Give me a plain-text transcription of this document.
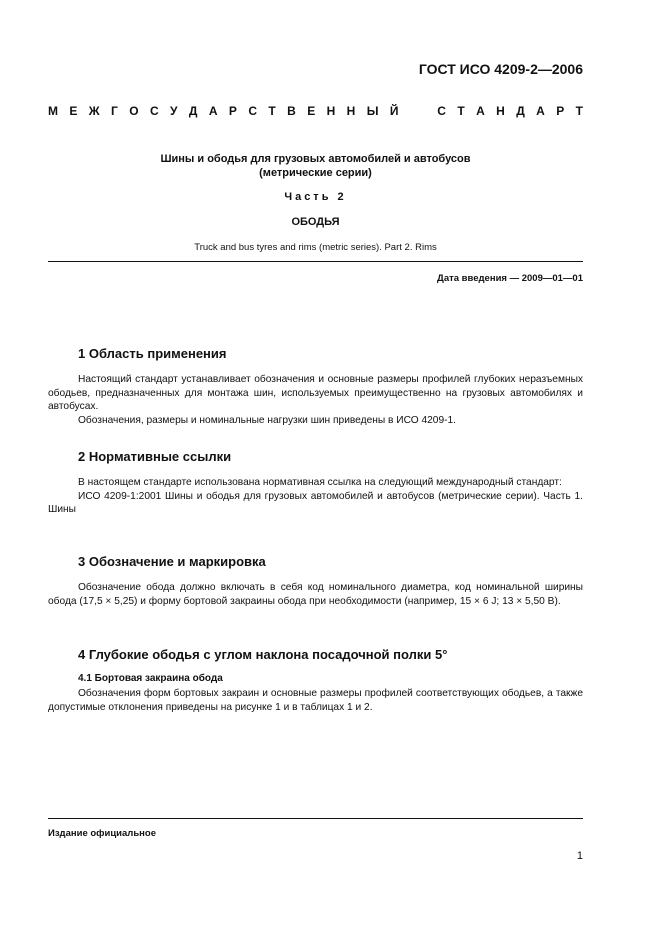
ГОСТ ИСО 4209-2—2006
М Е Ж Г О С У Д А Р С Т В Е Н Н Ы Й	С Т А Н Д А Р Т
Шины и ободья для грузовых автомобилей и автобусов
(метрические серии)
Часть 2
ОБОДЬЯ
Truck and bus tyres and rims (metric series). Part 2. Rims
Дата введения — 2009—01—01
1 Область применения
Настоящий стандарт устанавливает обозначения и основные размеры профилей глубоких неразъемных ободьев, предназначенных для монтажа шин, используемых преимущественно на грузовых автомобилях и автобусах.
Обозначения, размеры и номинальные нагрузки шин приведены в ИСО 4209-1.
2 Нормативные ссылки
В настоящем стандарте использована нормативная ссылка на следующий международный стандарт:
ИСО 4209-1:2001 Шины и ободья для грузовых автомобилей и автобусов (метрические серии). Часть 1. Шины
3 Обозначение и маркировка
Обозначение обода должно включать в себя код номинального диаметра, код номинальной ширины обода (17,5 × 5,25) и форму бортовой закраины обода при необходимости (например, 15 × 6 J; 13 × 5,50 B).
4 Глубокие ободья с углом наклона посадочной полки 5°
4.1 Бортовая закраина обода
Обозначения форм бортовых закраин и основные размеры профилей соответствующих ободьев, а также допустимые отклонения приведены на рисунке 1 и в таблицах 1 и 2.
Издание официальное
1
